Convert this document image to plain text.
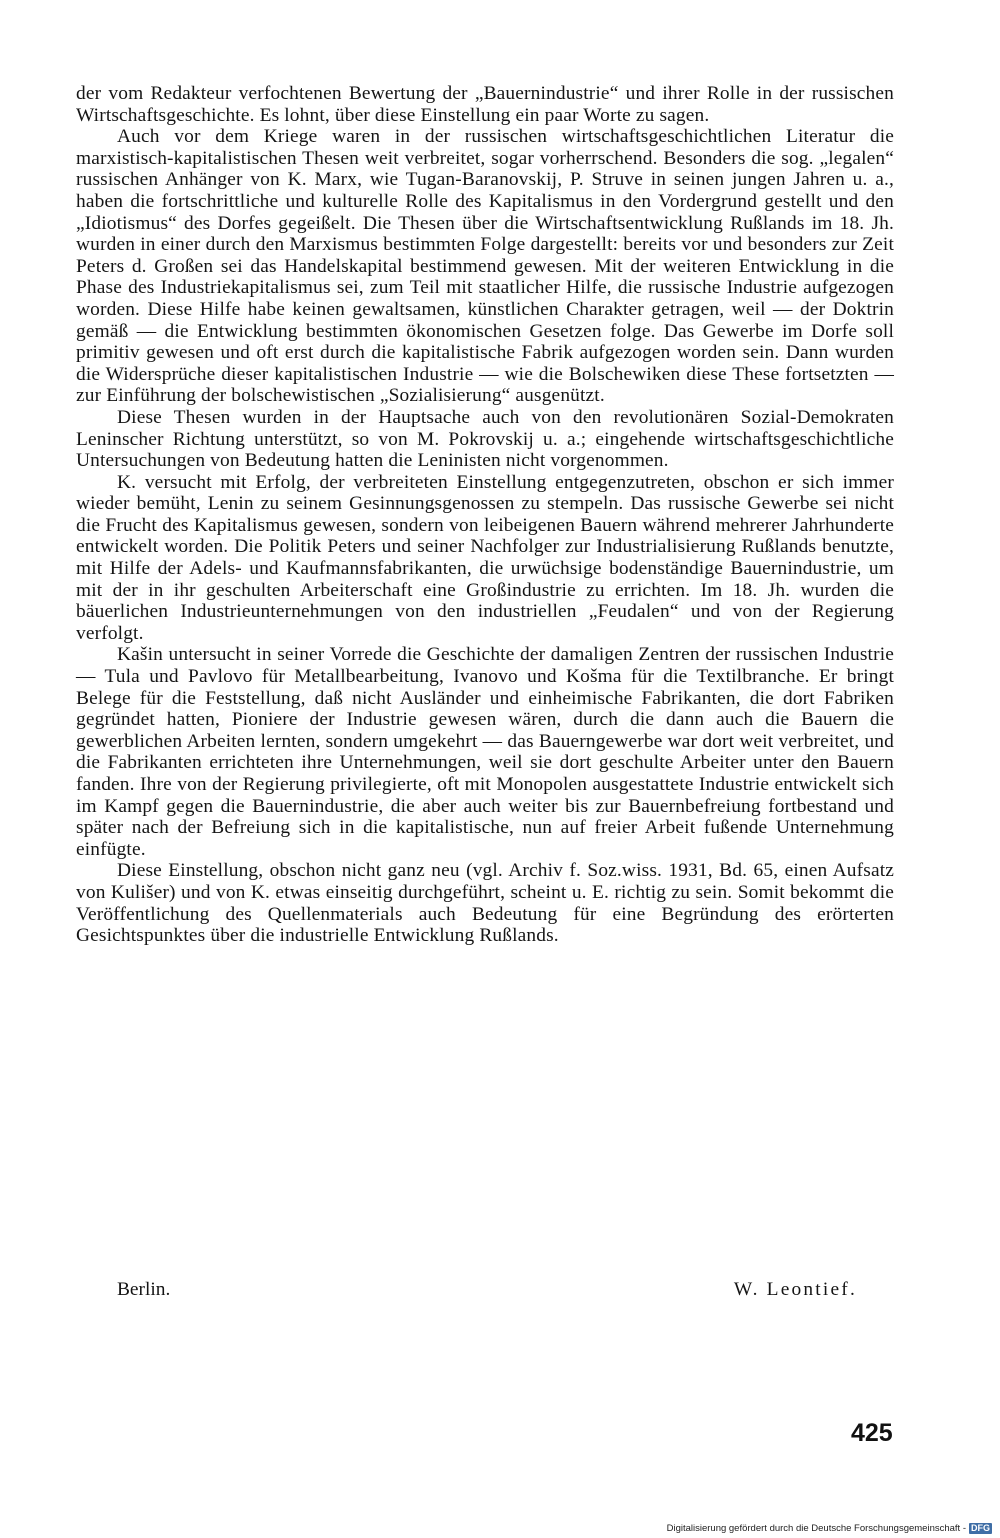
der vom Redakteur verfochtenen Bewertung der „Bauernindustrie“ und ihrer Rolle in der russischen Wirtschaftsgeschichte. Es lohnt, über diese Einstellung ein paar Worte zu sagen.

Auch vor dem Kriege waren in der russischen wirtschaftsgeschichtlichen Literatur die marxistisch-kapitalistischen Thesen weit verbreitet, sogar vorherrschend. Besonders die sog. „legalen“ russischen Anhänger von K. Marx, wie Tugan-Baranovskij, P. Struve in seinen jungen Jahren u. a., haben die fortschrittliche und kulturelle Rolle des Kapitalismus in den Vordergrund gestellt und den „Idiotismus“ des Dorfes gegeißelt. Die Thesen über die Wirtschaftsentwicklung Rußlands im 18. Jh. wurden in einer durch den Marxismus bestimmten Folge dargestellt: bereits vor und besonders zur Zeit Peters d. Großen sei das Handelskapital bestimmend gewesen. Mit der weiteren Entwicklung in die Phase des Industriekapitalismus sei, zum Teil mit staatlicher Hilfe, die russische Industrie aufgezogen worden. Diese Hilfe habe keinen gewaltsamen, künstlichen Charakter getragen, weil — der Doktrin gemäß — die Entwicklung bestimmten ökonomischen Gesetzen folge. Das Gewerbe im Dorfe soll primitiv gewesen und oft erst durch die kapitalistische Fabrik aufgezogen worden sein. Dann wurden die Widersprüche dieser kapitalistischen Industrie — wie die Bolschewiken diese These fortsetzten — zur Einführung der bolschewistischen „Sozialisierung“ ausgenützt.

Diese Thesen wurden in der Hauptsache auch von den revolutionären Sozial-Demokraten Leninscher Richtung unterstützt, so von M. Pokrovskij u. a.; eingehende wirtschaftsgeschichtliche Untersuchungen von Bedeutung hatten die Leninisten nicht vorgenommen.

K. versucht mit Erfolg, der verbreiteten Einstellung entgegenzutreten, obschon er sich immer wieder bemüht, Lenin zu seinem Gesinnungsgenossen zu stempeln. Das russische Gewerbe sei nicht die Frucht des Kapitalismus gewesen, sondern von leibeigenen Bauern während mehrerer Jahrhunderte entwickelt worden. Die Politik Peters und seiner Nachfolger zur Industrialisierung Rußlands benutzte, mit Hilfe der Adels- und Kaufmannsfabrikanten, die urwüchsige bodenständige Bauernindustrie, um mit der in ihr geschulten Arbeiterschaft eine Großindustrie zu errichten. Im 18. Jh. wurden die bäuerlichen Industrieunternehmungen von den industriellen „Feudalen“ und von der Regierung verfolgt.

Kašin untersucht in seiner Vorrede die Geschichte der damaligen Zentren der russischen Industrie — Tula und Pavlovo für Metallbearbeitung, Ivanovo und Košma für die Textilbranche. Er bringt Belege für die Feststellung, daß nicht Ausländer und einheimische Fabrikanten, die dort Fabriken gegründet hatten, Pioniere der Industrie gewesen wären, durch die dann auch die Bauern die gewerblichen Arbeiten lernten, sondern umgekehrt — das Bauerngewerbe war dort weit verbreitet, und die Fabrikanten errichteten ihre Unternehmungen, weil sie dort geschulte Arbeiter unter den Bauern fanden. Ihre von der Regierung privilegierte, oft mit Monopolen ausgestattete Industrie entwickelt sich im Kampf gegen die Bauernindustrie, die aber auch weiter bis zur Bauernbefreiung fortbestand und später nach der Befreiung sich in die kapitalistische, nun auf freier Arbeit fußende Unternehmung einfügte.

Diese Einstellung, obschon nicht ganz neu (vgl. Archiv f. Soz.wiss. 1931, Bd. 65, einen Aufsatz von Kulišer) und von K. etwas einseitig durchgeführt, scheint u. E. richtig zu sein. Somit bekommt die Veröffentlichung des Quellenmaterials auch Bedeutung für eine Begründung des erörterten Gesichtspunktes über die industrielle Entwicklung Rußlands.

Berlin.	W. Leontief.
425
Digitalisierung gefördert durch die Deutsche Forschungsgemeinschaft - DFG
